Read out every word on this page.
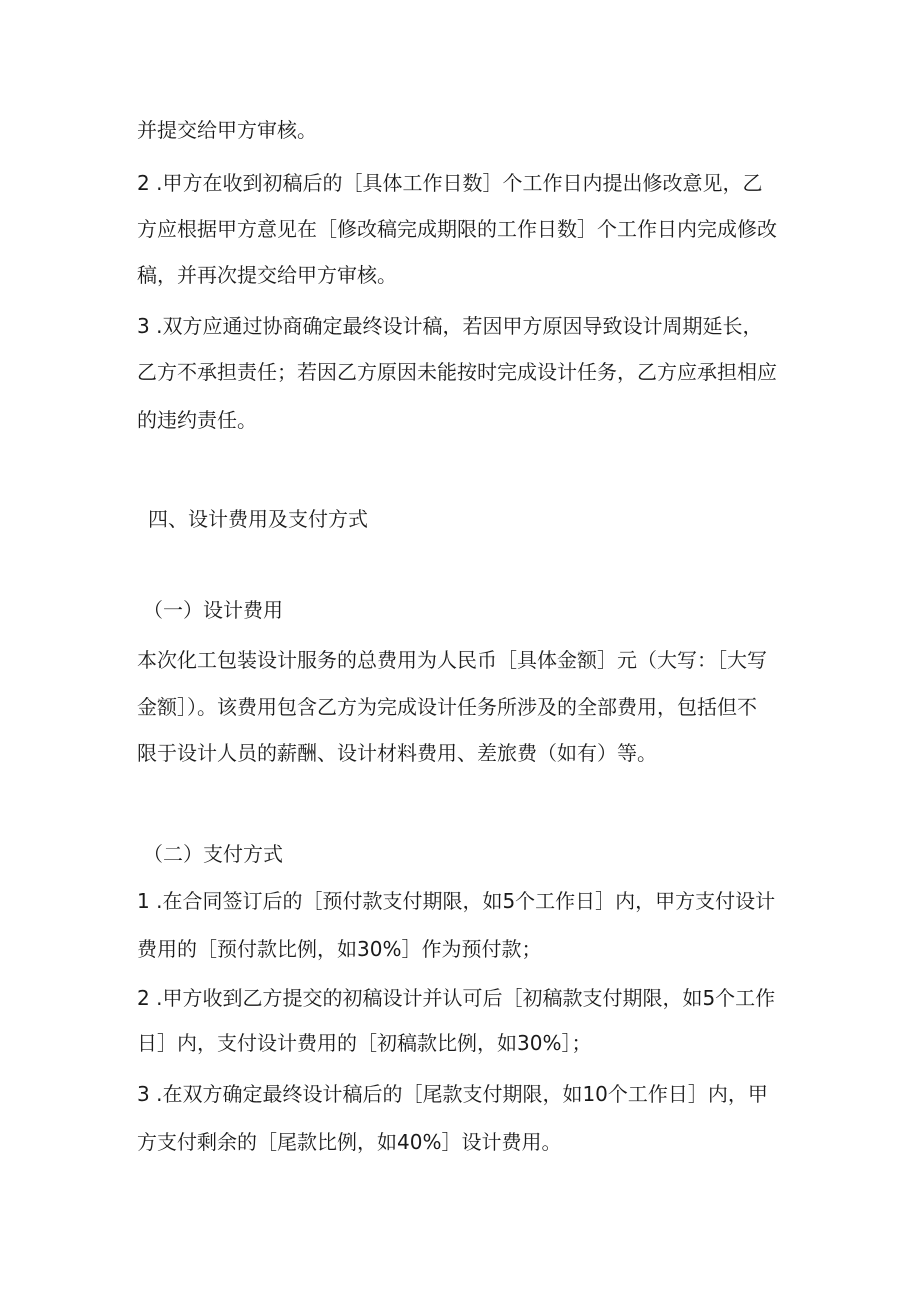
并提交给甲方审核。
2 .甲方在收到初稿后的［具体工作日数］个工作日内提出修改意见，乙
方应根据甲方意见在［修改稿完成期限的工作日数］个工作日内完成修改
稿，并再次提交给甲方审核。
3 .双方应通过协商确定最终设计稿，若因甲方原因导致设计周期延长，
乙方不承担责任；若因乙方原因未能按时完成设计任务，乙方应承担相应
的违约责任。
四、设计费用及支付方式
（一）设计费用
本次化工包装设计服务的总费用为人民币［具体金额］元（大写：［大写
金额］）。该费用包含乙方为完成设计任务所涉及的全部费用，包括但不
限于设计人员的薪酬、设计材料费用、差旅费（如有）等。
（二）支付方式
1 .在合同签订后的［预付款支付期限，如5个工作日］内，甲方支付设计
费用的［预付款比例，如30%］作为预付款；
2 .甲方收到乙方提交的初稿设计并认可后［初稿款支付期限，如5个工作
日］内，支付设计费用的［初稿款比例，如30%］；
3 .在双方确定最终设计稿后的［尾款支付期限，如10个工作日］内，甲
方支付剩余的［尾款比例，如40%］设计费用。
